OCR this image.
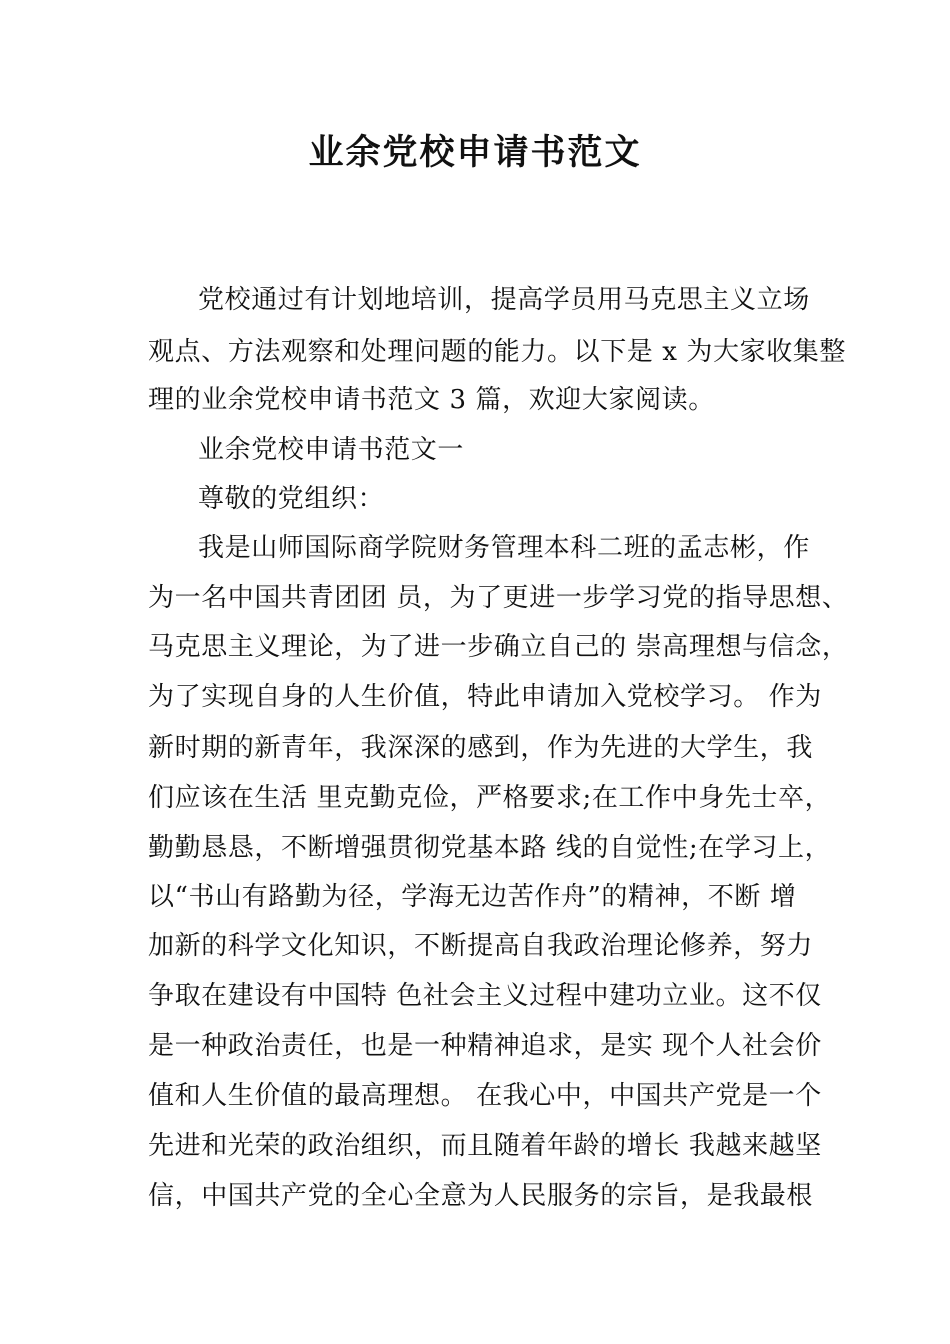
业余党校申请书范文

党校通过有计划地培训，提高学员用马克思主义立场

观点、方法观察和处理问题的能力。以下是 x 为大家收集整

理的业余党校申请书范文 3 篇，欢迎大家阅读。

业余党校申请书范文一

尊敬的党组织：

我是山师国际商学院财务管理本科二班的孟志彬，作

为一名中国共青团团 员，为了更进一步学习党的指导思想、

马克思主义理论，为了进一步确立自己的 崇高理想与信念，

为了实现自身的人生价值，特此申请加入党校学习。 作为

新时期的新青年，我深深的感到，作为先进的大学生，我

们应该在生活 里克勤克俭，严格要求;在工作中身先士卒，

勤勤恳恳，不断增强贯彻党基本路 线的自觉性;在学习上，

以“书山有路勤为径，学海无边苦作舟”的精神，不断 增

加新的科学文化知识，不断提高自我政治理论修养，努力

争取在建设有中国特 色社会主义过程中建功立业。这不仅

是一种政治责任，也是一种精神追求，是实 现个人社会价

值和人生价值的最高理想。 在我心中，中国共产党是一个

先进和光荣的政治组织，而且随着年龄的增长 我越来越坚

信，中国共产党的全心全意为人民服务的宗旨，是我最根
